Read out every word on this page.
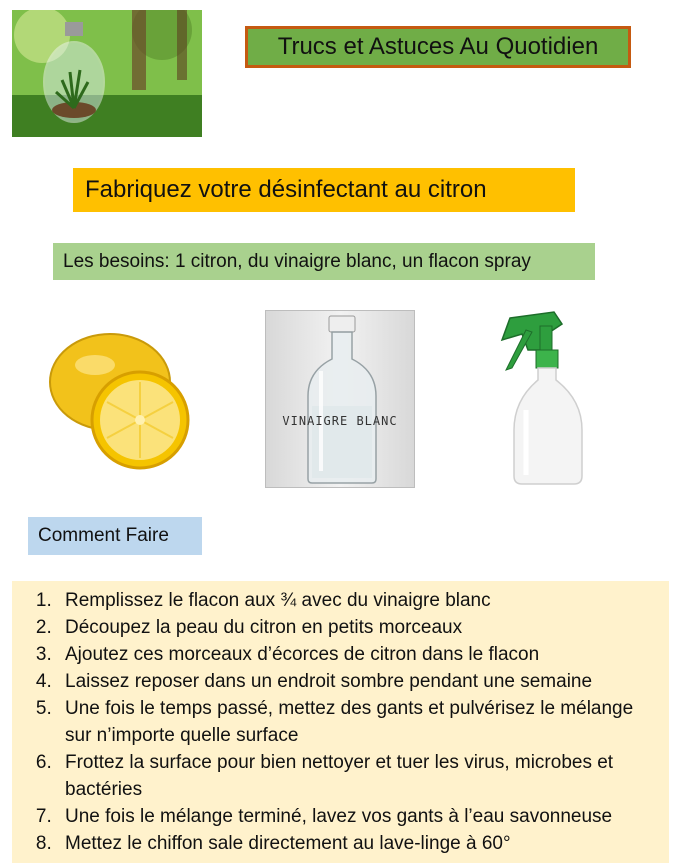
Trucs et Astuces Au Quotidien
Fabriquez votre désinfectant au citron
Les besoins: 1 citron, du vinaigre blanc, un flacon spray
VINAIGRE BLANC
Comment Faire
1. Remplissez le flacon aux ¾ avec du vinaigre blanc
2. Découpez la peau du citron en petits morceaux
3. Ajoutez ces morceaux d’écorces de citron dans le flacon
4. Laissez reposer dans un endroit sombre pendant une semaine
5. Une fois le temps passé, mettez des gants et pulvérisez le mélange sur n’importe quelle surface
6. Frottez la surface pour bien nettoyer et tuer les virus, microbes et bactéries
7. Une fois le mélange terminé, lavez vos gants à l’eau savonneuse
8. Mettez le chiffon sale directement au lave-linge à 60°
